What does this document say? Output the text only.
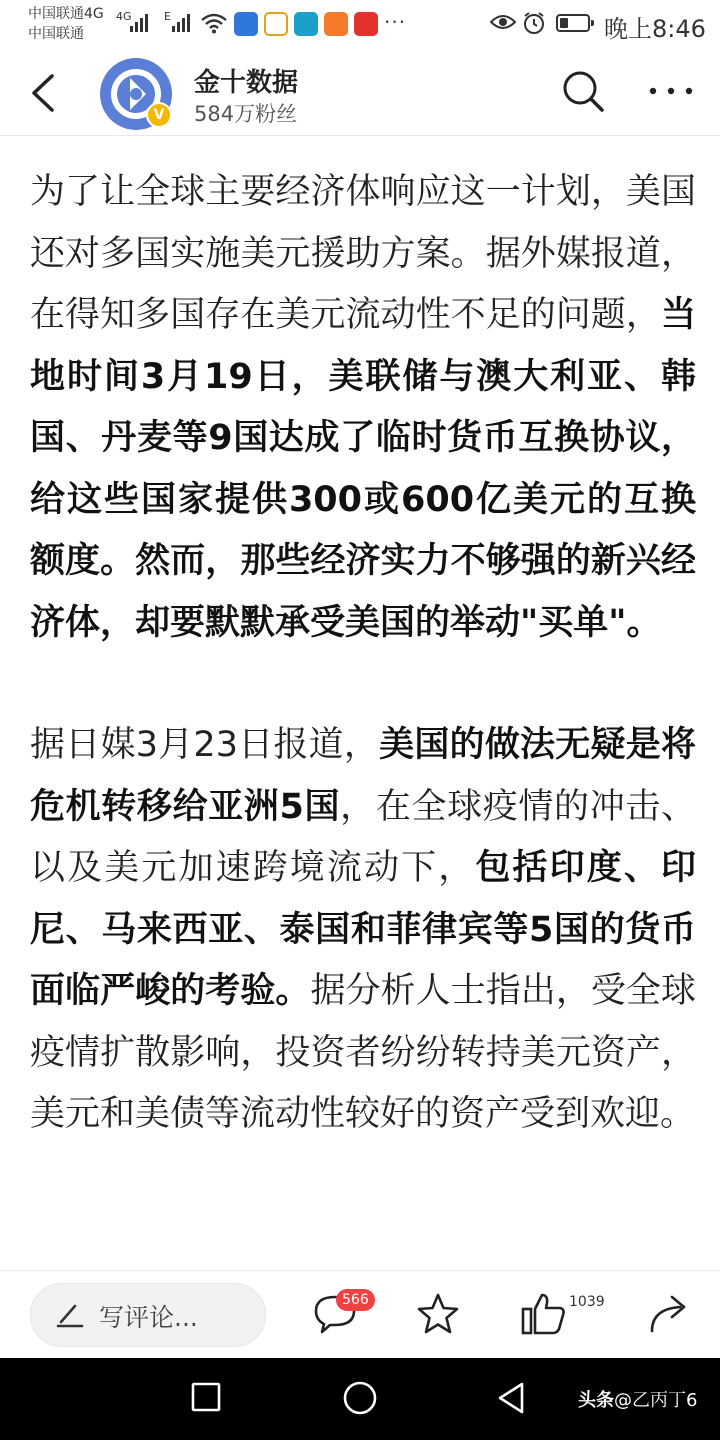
中国联通4G
中国联通
4G	E	···	晚上8:46
V
金十数据
584万粉丝

为了让全球主要经济体响应这一计划，美国还对多国实施美元援助方案。据外媒报道，在得知多国存在美元流动性不足的问题，当地时间3月19日，美联储与澳大利亚、韩国、丹麦等9国达成了临时货币互换协议，给这些国家提供300或600亿美元的互换额度。然而，那些经济实力不够强的新兴经济体，却要默默承受美国的举动"买单"。

据日媒3月23日报道，美国的做法无疑是将危机转移给亚洲5国，在全球疫情的冲击、以及美元加速跨境流动下，包括印度、印尼、马来西亚、泰国和菲律宾等5国的货币面临严峻的考验。据分析人士指出，受全球疫情扩散影响，投资者纷纷转持美元资产，美元和美债等流动性较好的资产受到欢迎。

写评论...
566	1039
头条@乙丙丁6
